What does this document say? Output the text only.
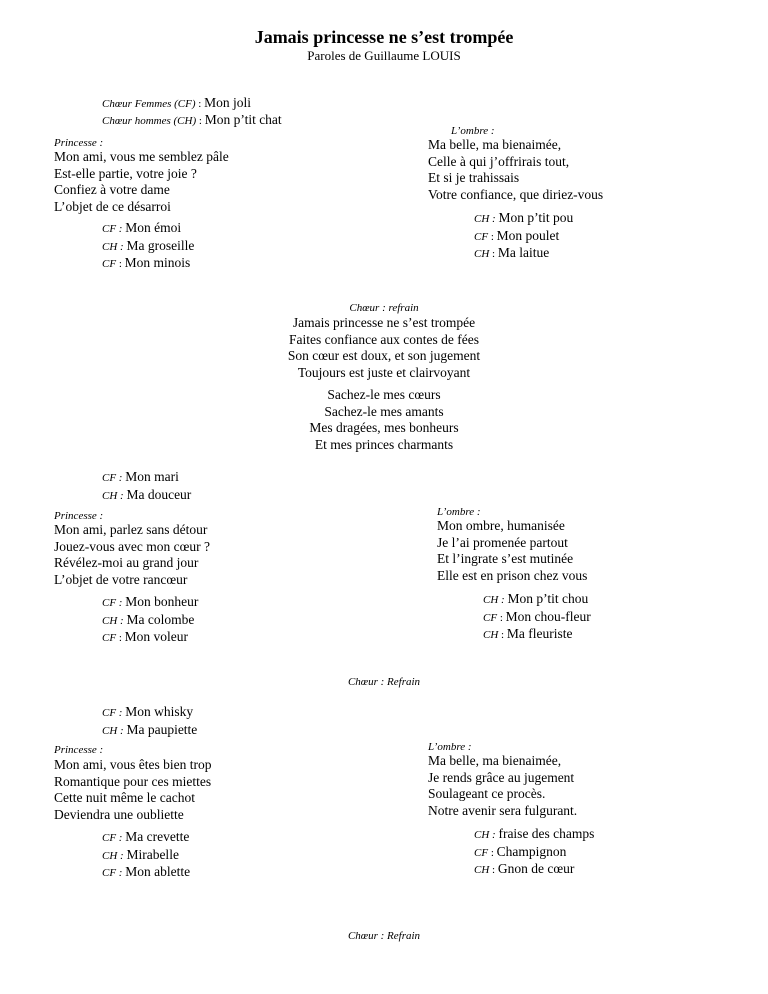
Jamais princesse ne s’est trompée
Paroles de Guillaume LOUIS
Chœur Femmes (CF) : Mon joli
Chœur hommes (CH) : Mon p’tit chat
Princesse :
Mon ami, vous me semblez pâle
Est-elle partie, votre joie ?
Confiez à votre dame
L’objet de ce désarroi
CF : Mon émoi
CH : Ma groseille
CF : Mon minois
L’ombre :
Ma belle, ma bienaimée,
Celle à qui j’offrirais tout,
Et si je trahissais
Votre confiance, que diriez-vous
CH : Mon p’tit pou
CF : Mon poulet
CH : Ma laitue
Chœur : refrain
Jamais princesse ne s’est trompée
Faites confiance aux contes de fées
Son cœur est doux, et son jugement
Toujours est juste et clairvoyant
Sachez-le mes cœurs
Sachez-le mes amants
Mes dragées, mes bonheurs
Et mes princes charmants
CF : Mon mari
CH : Ma douceur
Princesse :
Mon ami, parlez sans détour
Jouez-vous avec mon cœur ?
Révélez-moi au grand jour
L’objet de votre rancœur
CF : Mon bonheur
CH : Ma colombe
CF : Mon voleur
L’ombre :
Mon ombre, humanisée
Je l’ai promenée partout
Et l’ingrate s’est mutinée
Elle est en prison chez vous
CH : Mon p’tit chou
CF : Mon chou-fleur
CH : Ma fleuriste
Chœur : Refrain
CF : Mon whisky
CH : Ma paupiette
Princesse :
Mon ami, vous êtes bien trop
Romantique pour ces miettes
Cette nuit même le cachot
Deviendra une oubliette
CF : Ma crevette
CH : Mirabelle
CF : Mon ablette
L’ombre :
Ma belle, ma bienaimée,
Je rends grâce au jugement
Soulageant ce procès.
Notre avenir sera fulgurant.
CH : fraise des champs
CF : Champignon
CH : Gnon de cœur
Chœur : Refrain
